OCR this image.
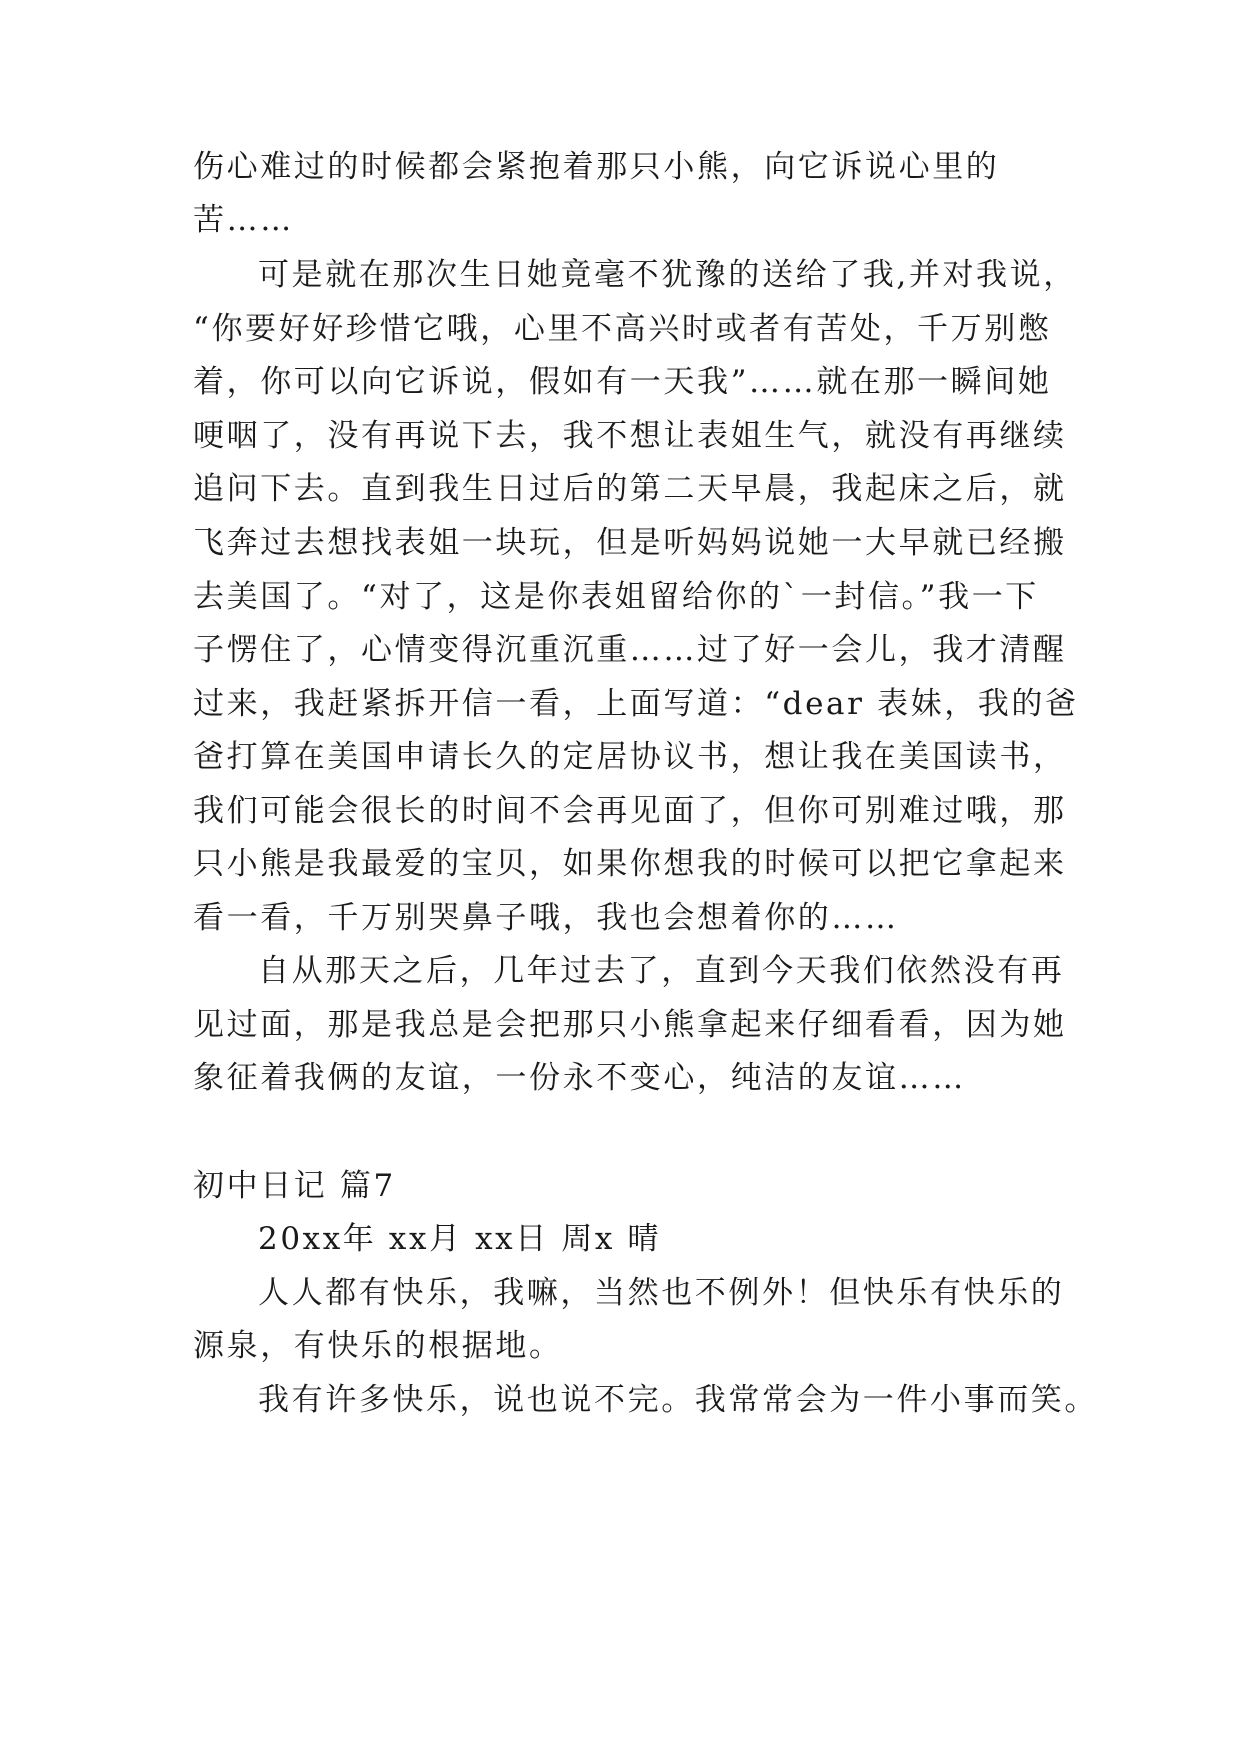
伤心难过的时候都会紧抱着那只小熊，向它诉说心里的
苦……
可是就在那次生日她竟毫不犹豫的送给了我,并对我说，
“你要好好珍惜它哦，心里不高兴时或者有苦处，千万别憋
着，你可以向它诉说，假如有一天我”……就在那一瞬间她
哽咽了，没有再说下去，我不想让表姐生气，就没有再继续
追问下去。直到我生日过后的第二天早晨，我起床之后，就
飞奔过去想找表姐一块玩，但是听妈妈说她一大早就已经搬
去美国了。“对了，这是你表姐留给你的`一封信。”我一下
子愣住了，心情变得沉重沉重……过了好一会儿，我才清醒
过来，我赶紧拆开信一看，上面写道：“dear 表妹，我的爸
爸打算在美国申请长久的定居协议书，想让我在美国读书，
我们可能会很长的时间不会再见面了，但你可别难过哦，那
只小熊是我最爱的宝贝，如果你想我的时候可以把它拿起来
看一看，千万别哭鼻子哦，我也会想着你的……
自从那天之后，几年过去了，直到今天我们依然没有再
见过面，那是我总是会把那只小熊拿起来仔细看看，因为她
象征着我俩的友谊，一份永不变心，纯洁的友谊……
初中日记 篇7
20xx年 xx月 xx日 周x 晴
人人都有快乐，我嘛，当然也不例外！但快乐有快乐的
源泉，有快乐的根据地。
我有许多快乐，说也说不完。我常常会为一件小事而笑。
